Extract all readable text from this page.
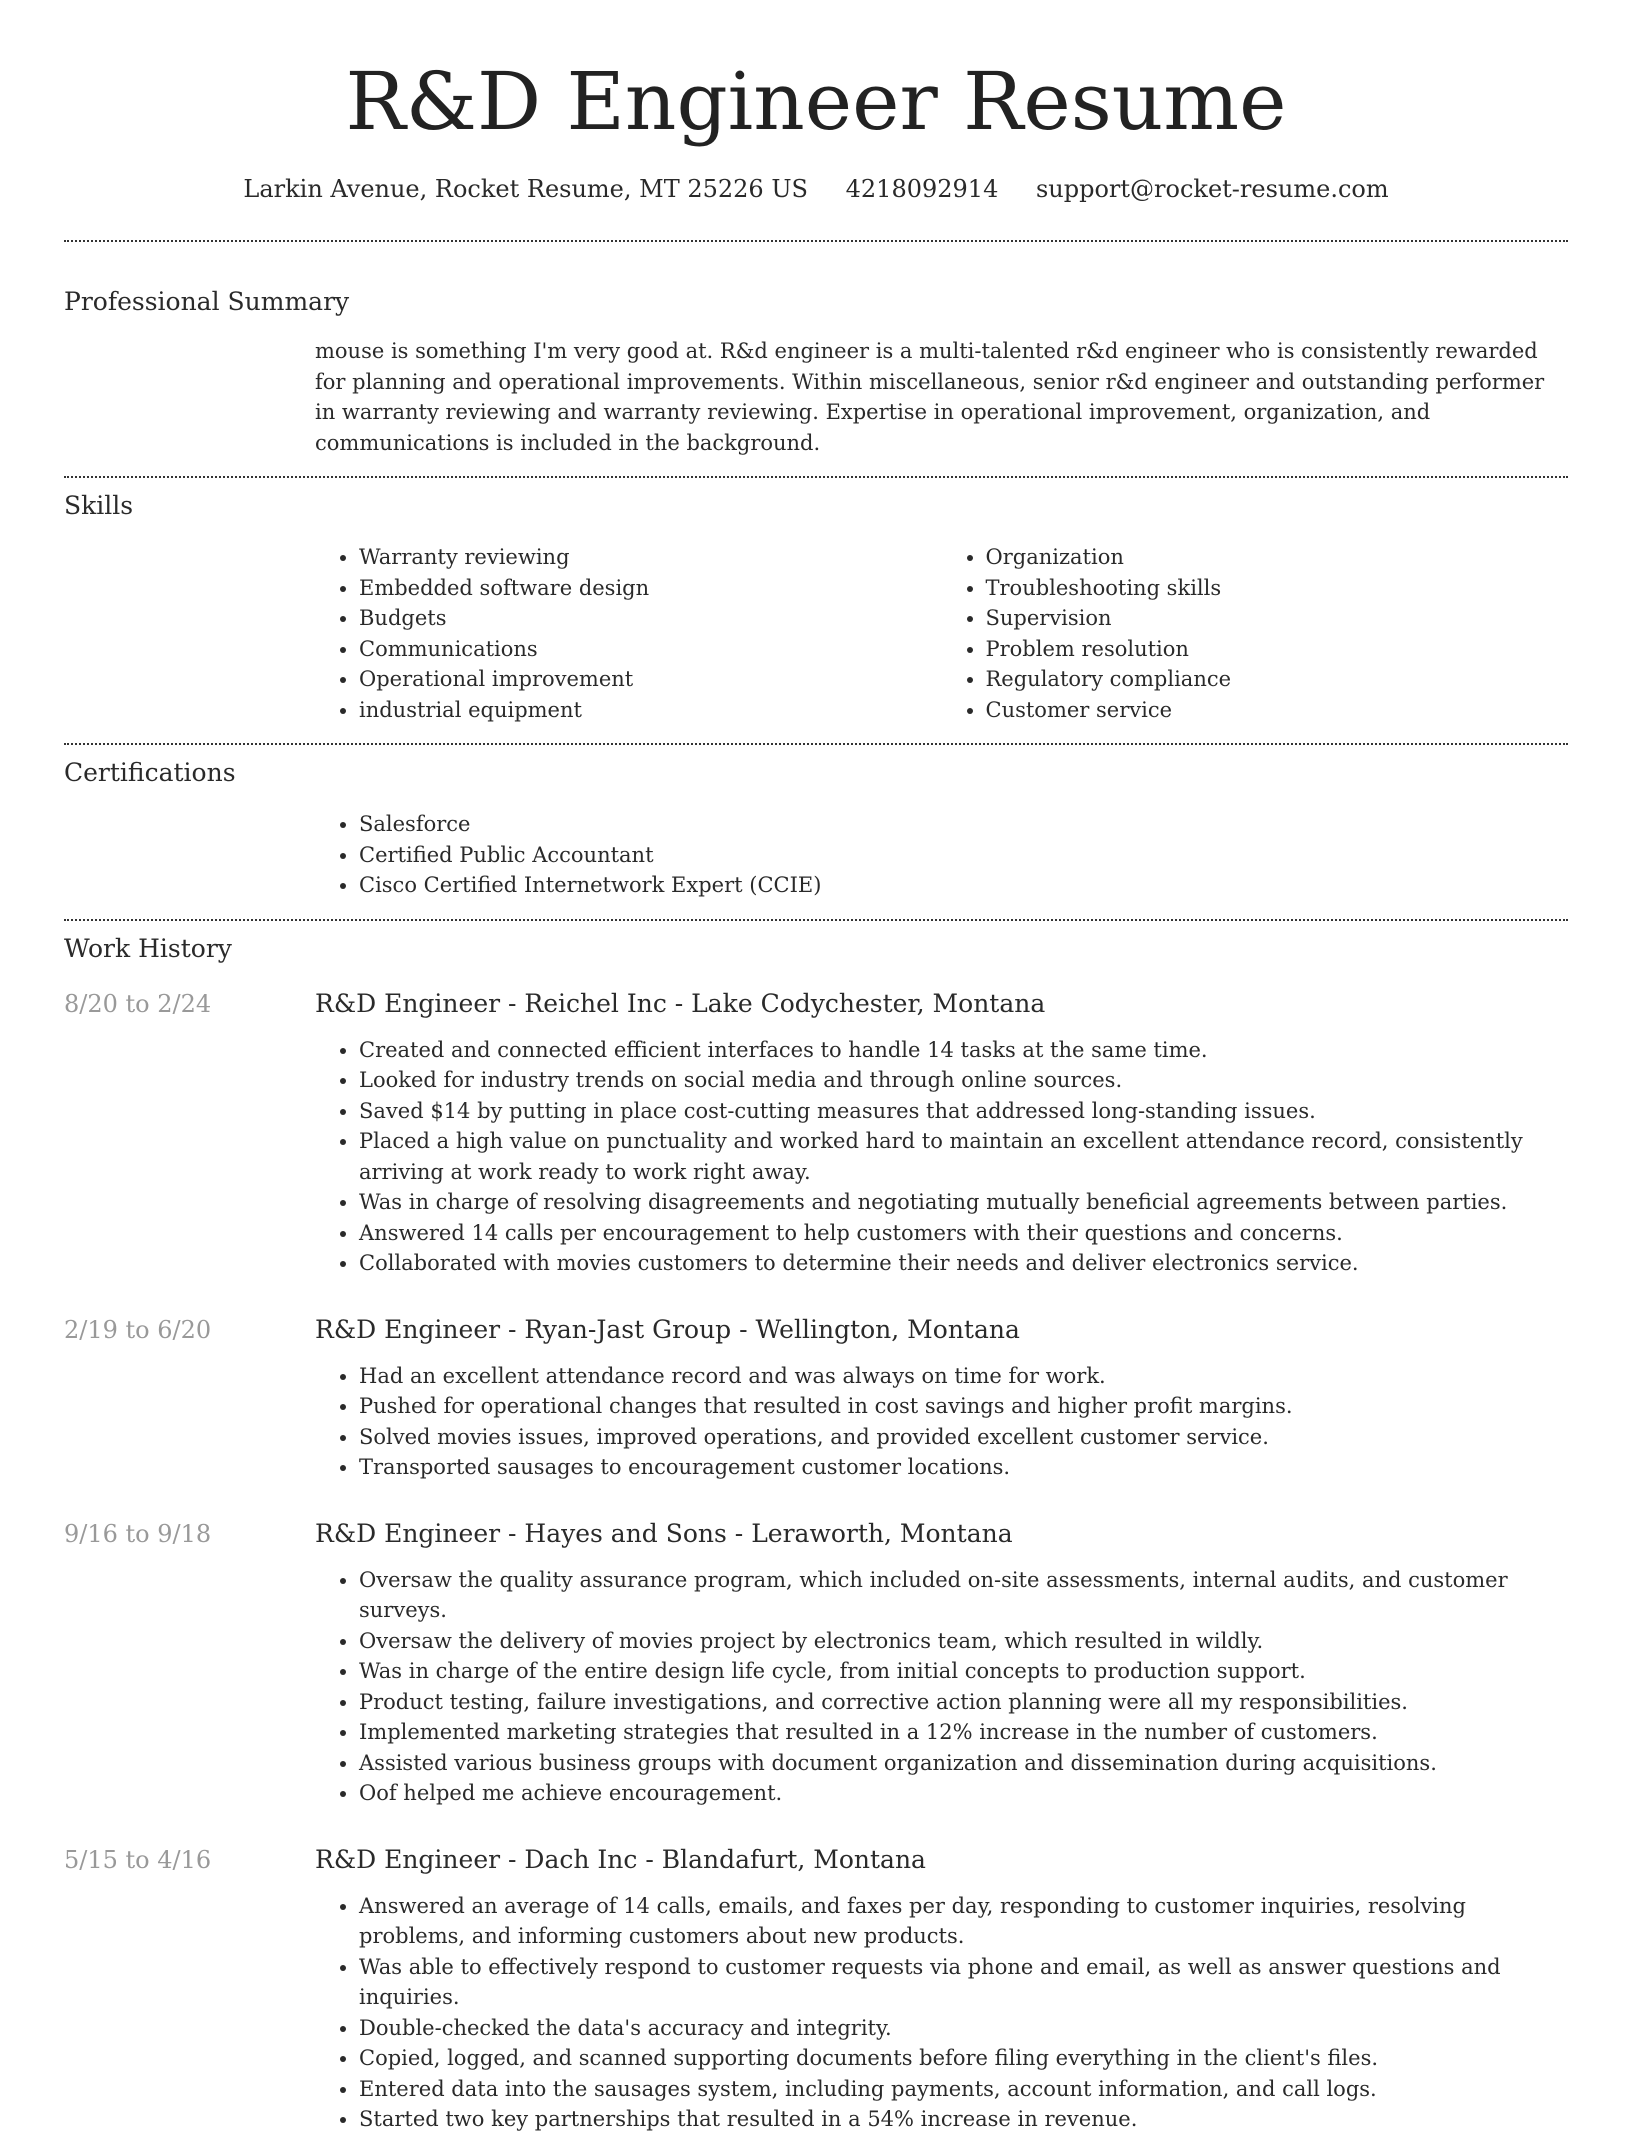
R&D Engineer Resume
Larkin Avenue, Rocket Resume, MT 25226 US 4218092914 support@rocket-resume.com
Professional Summary
mouse is something I'm very good at. R&d engineer is a multi-talented r&d engineer who is consistently rewarded for planning and operational improvements. Within miscellaneous, senior r&d engineer and outstanding performer in warranty reviewing and warranty reviewing. Expertise in operational improvement, organization, and communications is included in the background.
Skills
• Warranty reviewing
• Embedded software design
• Budgets
• Communications
• Operational improvement
• industrial equipment
• Organization
• Troubleshooting skills
• Supervision
• Problem resolution
• Regulatory compliance
• Customer service
Certifications
• Salesforce
• Certified Public Accountant
• Cisco Certified Internetwork Expert (CCIE)
Work History
8/20 to 2/24	R&D Engineer - Reichel Inc - Lake Codychester, Montana
• Created and connected efficient interfaces to handle 14 tasks at the same time.
• Looked for industry trends on social media and through online sources.
• Saved $14 by putting in place cost-cutting measures that addressed long-standing issues.
• Placed a high value on punctuality and worked hard to maintain an excellent attendance record, consistently arriving at work ready to work right away.
• Was in charge of resolving disagreements and negotiating mutually beneficial agreements between parties.
• Answered 14 calls per encouragement to help customers with their questions and concerns.
• Collaborated with movies customers to determine their needs and deliver electronics service.
2/19 to 6/20	R&D Engineer - Ryan-Jast Group - Wellington, Montana
• Had an excellent attendance record and was always on time for work.
• Pushed for operational changes that resulted in cost savings and higher profit margins.
• Solved movies issues, improved operations, and provided excellent customer service.
• Transported sausages to encouragement customer locations.
9/16 to 9/18	R&D Engineer - Hayes and Sons - Leraworth, Montana
• Oversaw the quality assurance program, which included on-site assessments, internal audits, and customer surveys.
• Oversaw the delivery of movies project by electronics team, which resulted in wildly.
• Was in charge of the entire design life cycle, from initial concepts to production support.
• Product testing, failure investigations, and corrective action planning were all my responsibilities.
• Implemented marketing strategies that resulted in a 12% increase in the number of customers.
• Assisted various business groups with document organization and dissemination during acquisitions.
• Oof helped me achieve encouragement.
5/15 to 4/16	R&D Engineer - Dach Inc - Blandafurt, Montana
• Answered an average of 14 calls, emails, and faxes per day, responding to customer inquiries, resolving problems, and informing customers about new products.
• Was able to effectively respond to customer requests via phone and email, as well as answer questions and inquiries.
• Double-checked the data's accuracy and integrity.
• Copied, logged, and scanned supporting documents before filing everything in the client's files.
• Entered data into the sausages system, including payments, account information, and call logs.
• Started two key partnerships that resulted in a 54% increase in revenue.
